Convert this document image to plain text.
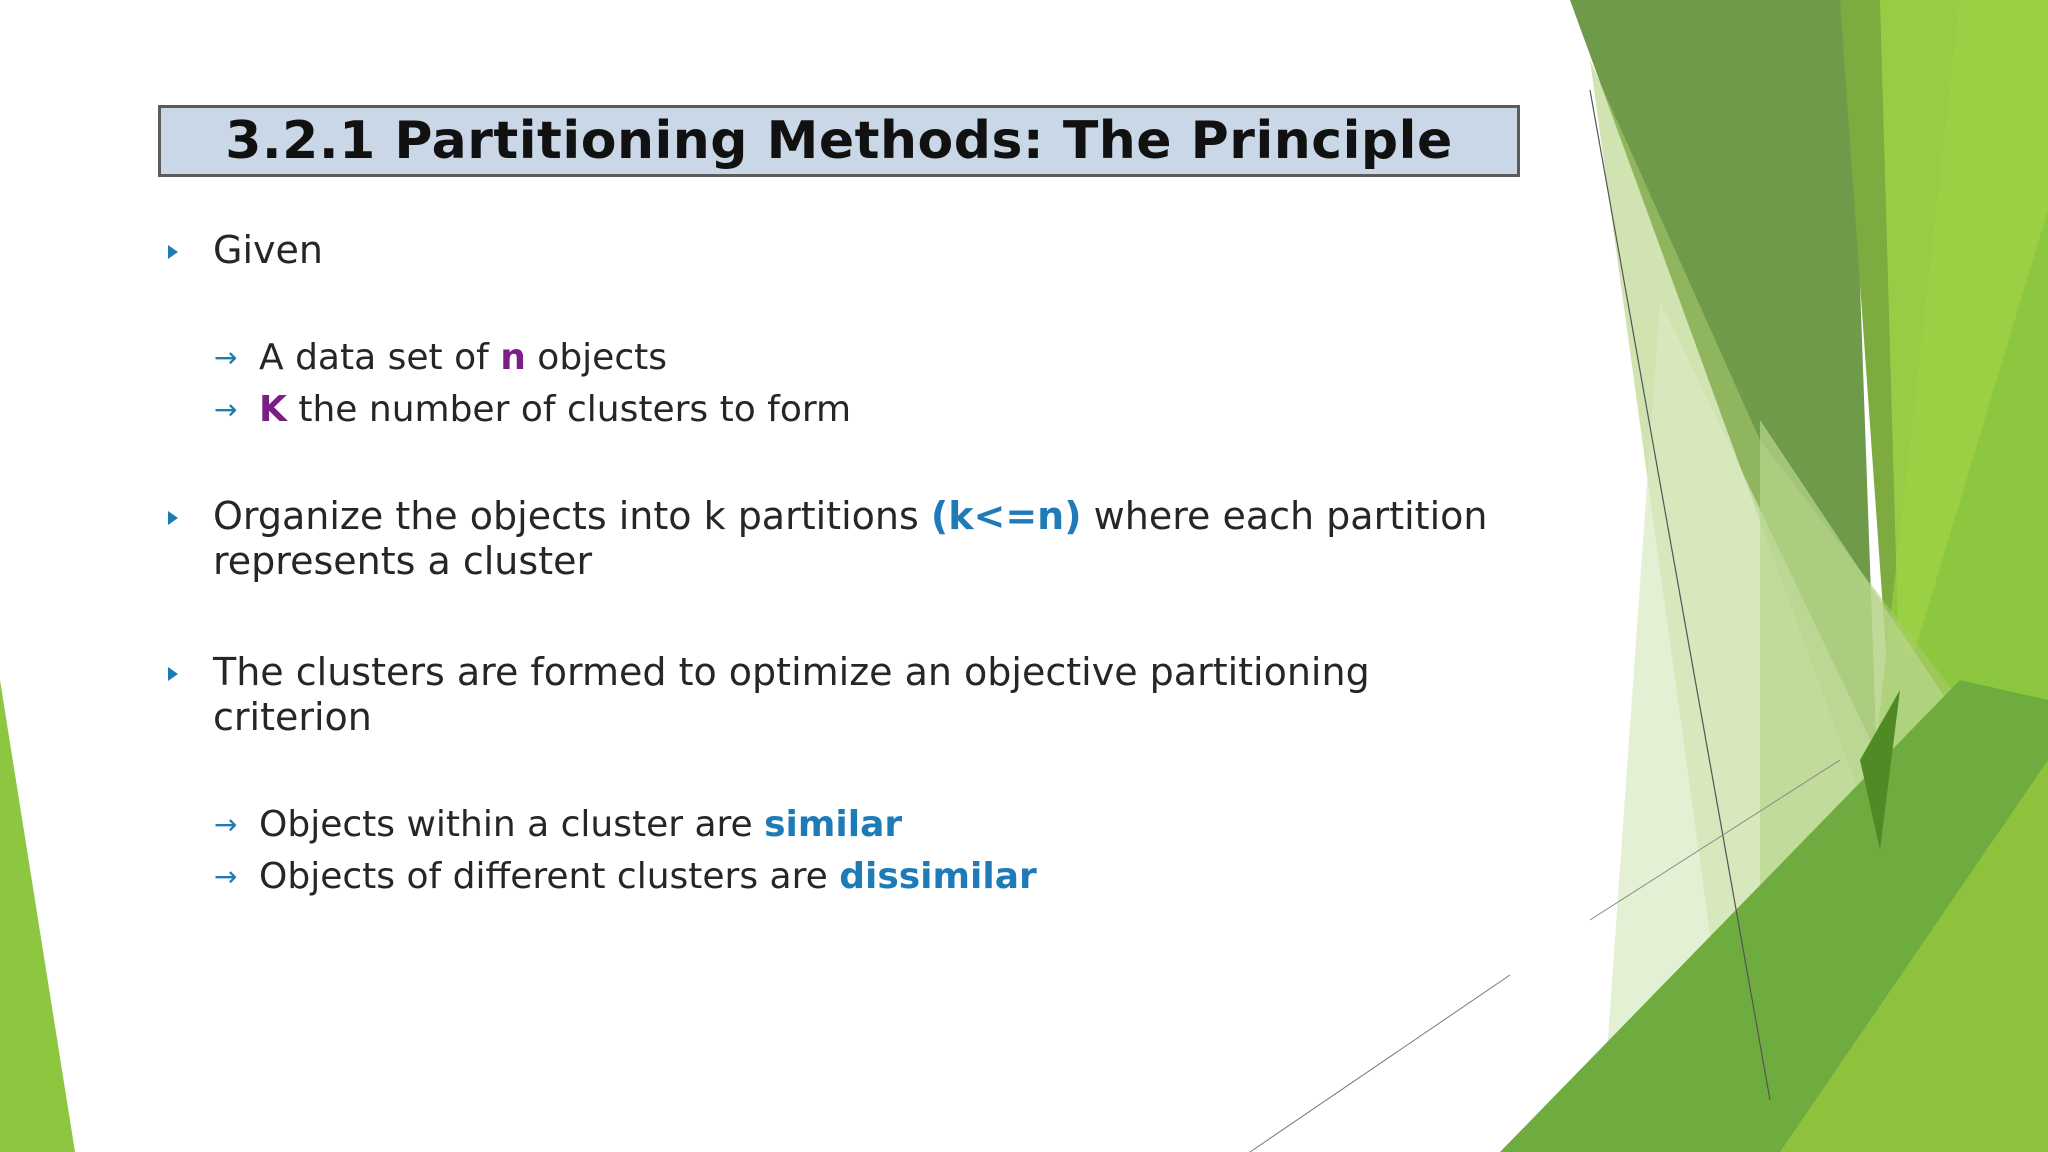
3.2.1 Partitioning Methods: The Principle
Given
→ A data set of n objects
→ K the number of clusters to form
Organize the objects into k partitions (k<=n) where each partition
represents a cluster
The clusters are formed to optimize an objective partitioning
criterion
→ Objects within a cluster are similar
→ Objects of different clusters are dissimilar
